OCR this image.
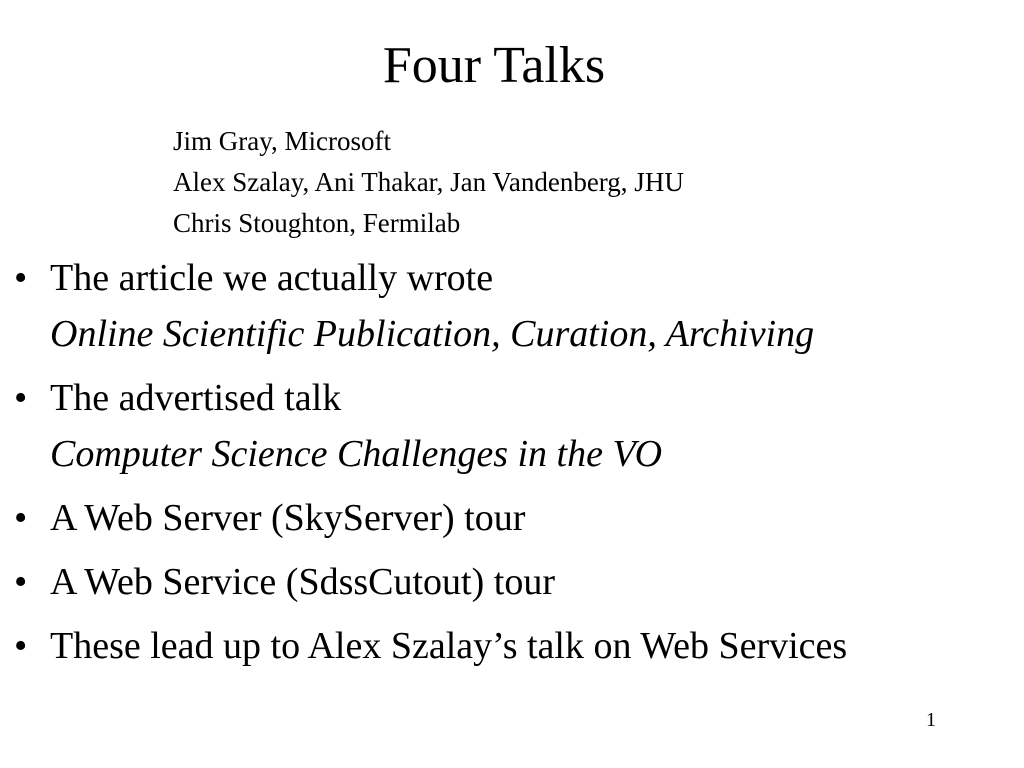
Four Talks
Jim Gray, Microsoft
Alex Szalay, Ani Thakar, Jan Vandenberg, JHU
Chris Stoughton, Fermilab
• The article we actually wrote
Online Scientific Publication, Curation, Archiving
• The advertised talk
Computer Science Challenges in the VO
• A Web Server (SkyServer) tour
• A Web Service (SdssCutout) tour
• These lead up to Alex Szalay’s talk on Web Services
1
